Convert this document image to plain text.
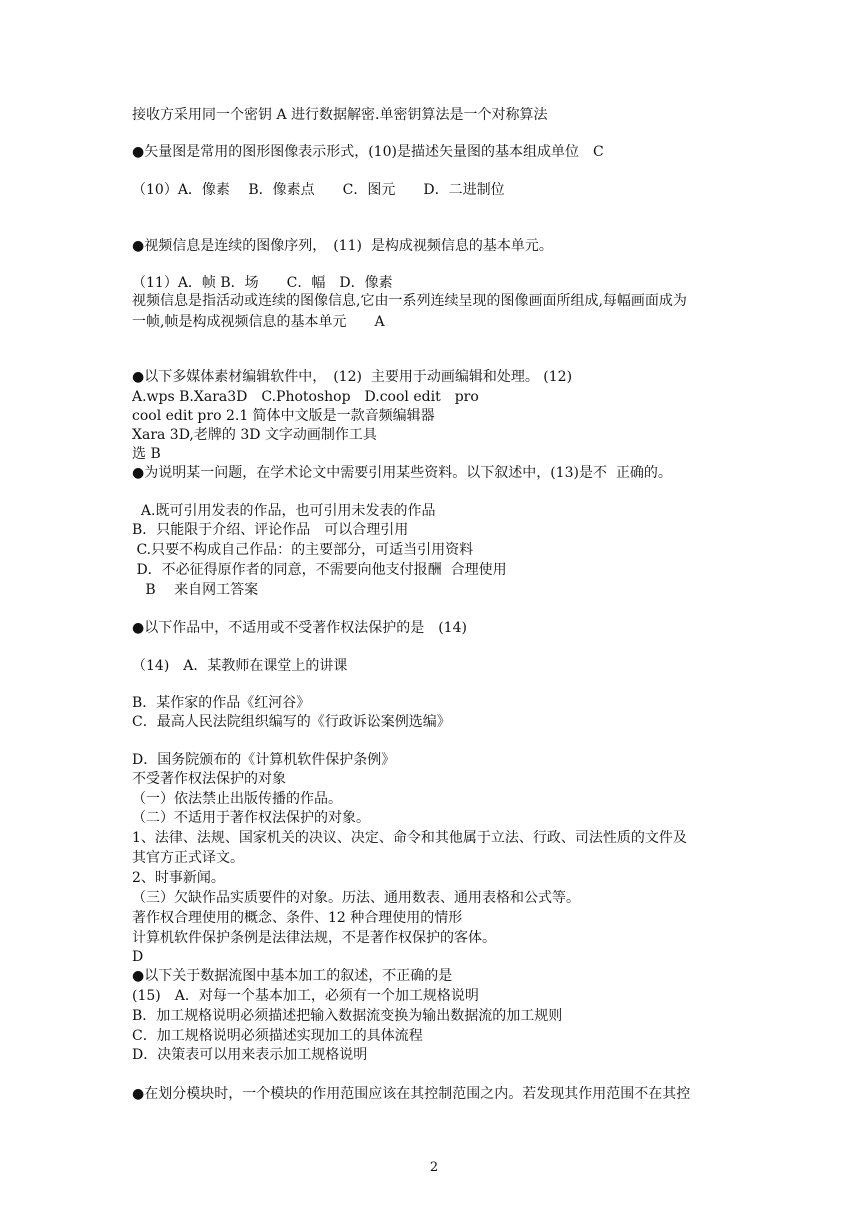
接收方采用同一个密钥 A 进行数据解密.单密钥算法是一个对称算法
●矢量图是常用的图形图像表示形式，(10)是描述矢量图的基本组成单位　C
（10）A．像素　 B．像素点　　C．图元　　D．二进制位
●视频信息是连续的图像序列，　(11)  是构成视频信息的基本单元。
（11）A．帧 B．场　　C．幅　D．像素
视频信息是指活动或连续的图像信息,它由一系列连续呈现的图像画面所组成,每幅画面成为
一帧,帧是构成视频信息的基本单元　　A
●以下多媒体素材编辑软件中，　(12)  主要用于动画编辑和处理。 (12)
A.wps B.Xara3D　C.Photoshop　D.cool edit　pro
cool edit pro 2.1 简体中文版是一款音频编辑器
Xara 3D,老牌的 3D 文字动画制作工具
选 B
●为说明某一问题，在学术论文中需要引用某些资料。以下叙述中，(13)是不  正确的。
A.既可引用发表的作品，也可引用未发表的作品
B．只能限于介绍、评论作品　可以合理引用
C.只要不构成自己作品：的主要部分，可适当引用资料
D．不必征得原作者的同意，不需要向他支付报酬  合理使用
B　 来自网工答案
●以下作品中，不适用或不受著作权法保护的是　(14)
（14)　A．某教师在课堂上的讲课
B．某作家的作品《红河谷》
C．最高人民法院组织编写的《行政诉讼案例选编》
D．国务院颁布的《计算机软件保护条例》
不受著作权法保护的对象
（一）依法禁止出版传播的作品。
（二）不适用于著作权法保护的对象。
1、法律、法规、国家机关的决议、决定、命令和其他属于立法、行政、司法性质的文件及
其官方正式译文。
2、时事新闻。
（三）欠缺作品实质要件的对象。历法、通用数表、通用表格和公式等。
著作权合理使用的概念、条件、12 种合理使用的情形
计算机软件保护条例是法律法规，不是著作权保护的客体。
D
●以下关于数据流图中基本加工的叙述，不正确的是
(15)　A．对每一个基本加工，必须有一个加工规格说明
B．加工规格说明必须描述把输入数据流变换为输出数据流的加工规则
C．加工规格说明必须描述实现加工的具体流程
D．决策表可以用来表示加工规格说明
●在划分模块时，一个模块的作用范围应该在其控制范围之内。若发现其作用范围不在其控
2
